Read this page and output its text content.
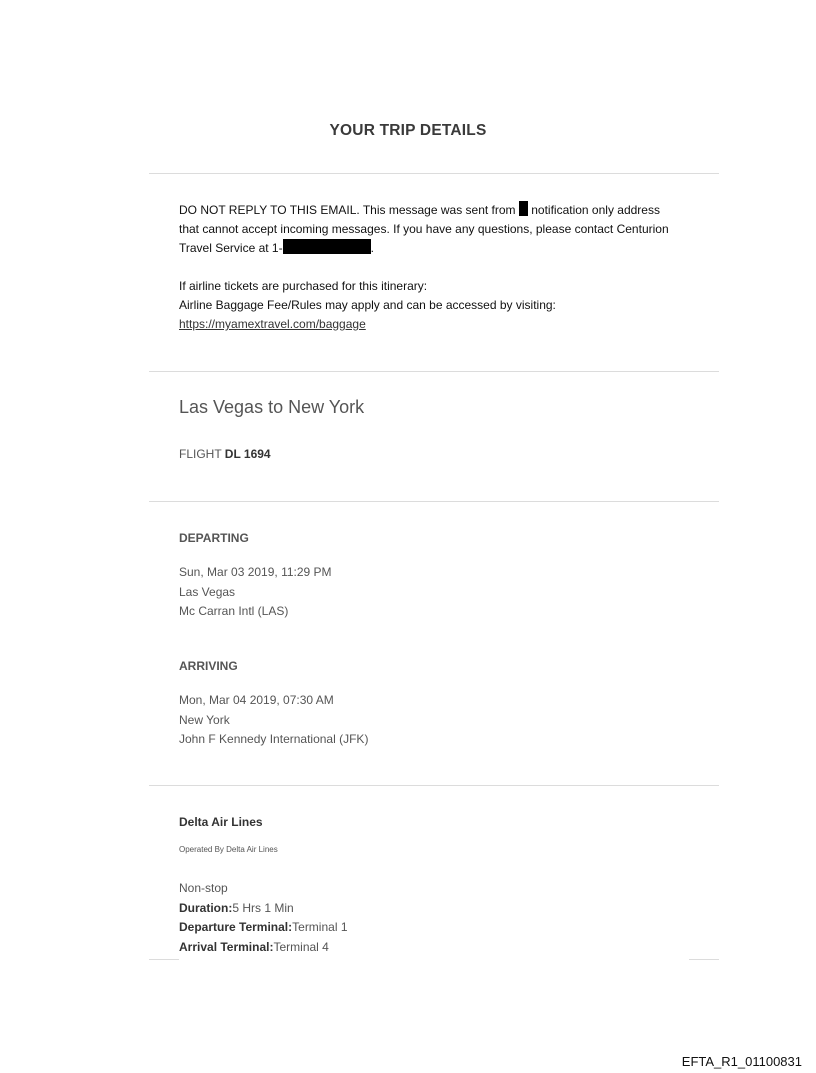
YOUR TRIP DETAILS
DO NOT REPLY TO THIS EMAIL. This message was sent from  notification only address
that cannot accept incoming messages. If you have any questions, please contact Centurion
Travel Service at 1-	.
If airline tickets are purchased for this itinerary:
Airline Baggage Fee/Rules may apply and can be accessed by visiting:
https://myamextravel.com/baggage
Las Vegas to New York
FLIGHT DL 1694
DEPARTING
Sun, Mar 03 2019, 11:29 PM
Las Vegas
Mc Carran Intl (LAS)
ARRIVING
Mon, Mar 04 2019, 07:30 AM
New York
John F Kennedy International (JFK)
Delta Air Lines
Operated By Delta Air Lines
Non-stop
Duration:5 Hrs 1 Min
Departure Terminal:Terminal 1
Arrival Terminal:Terminal 4
EFTA_R1_01100831
